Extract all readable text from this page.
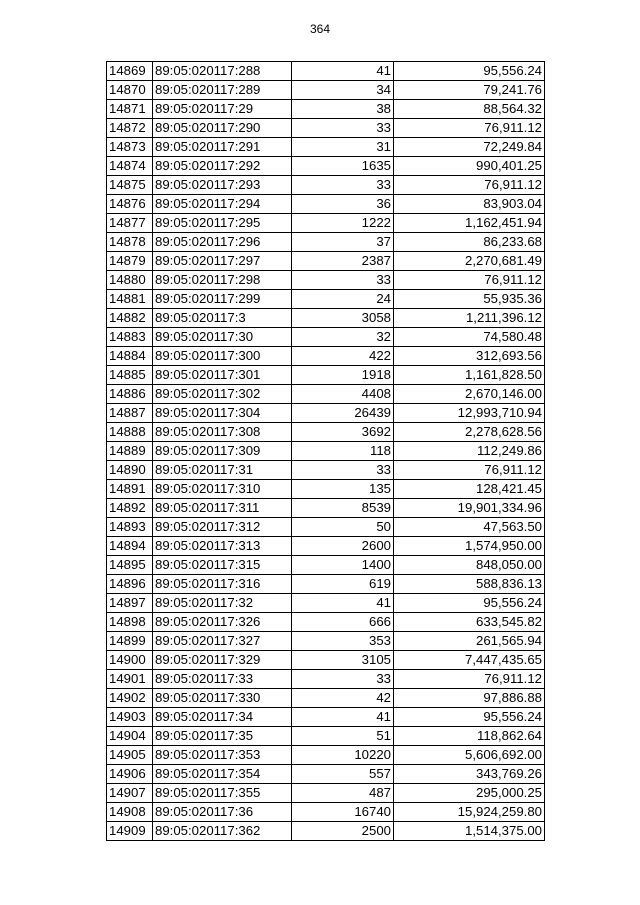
364
14869	89:05:020117:288	41	95,556.24
14870	89:05:020117:289	34	79,241.76
14871	89:05:020117:29	38	88,564.32
14872	89:05:020117:290	33	76,911.12
14873	89:05:020117:291	31	72,249.84
14874	89:05:020117:292	1635	990,401.25
14875	89:05:020117:293	33	76,911.12
14876	89:05:020117:294	36	83,903.04
14877	89:05:020117:295	1222	1,162,451.94
14878	89:05:020117:296	37	86,233.68
14879	89:05:020117:297	2387	2,270,681.49
14880	89:05:020117:298	33	76,911.12
14881	89:05:020117:299	24	55,935.36
14882	89:05:020117:3	3058	1,211,396.12
14883	89:05:020117:30	32	74,580.48
14884	89:05:020117:300	422	312,693.56
14885	89:05:020117:301	1918	1,161,828.50
14886	89:05:020117:302	4408	2,670,146.00
14887	89:05:020117:304	26439	12,993,710.94
14888	89:05:020117:308	3692	2,278,628.56
14889	89:05:020117:309	118	112,249.86
14890	89:05:020117:31	33	76,911.12
14891	89:05:020117:310	135	128,421.45
14892	89:05:020117:311	8539	19,901,334.96
14893	89:05:020117:312	50	47,563.50
14894	89:05:020117:313	2600	1,574,950.00
14895	89:05:020117:315	1400	848,050.00
14896	89:05:020117:316	619	588,836.13
14897	89:05:020117:32	41	95,556.24
14898	89:05:020117:326	666	633,545.82
14899	89:05:020117:327	353	261,565.94
14900	89:05:020117:329	3105	7,447,435.65
14901	89:05:020117:33	33	76,911.12
14902	89:05:020117:330	42	97,886.88
14903	89:05:020117:34	41	95,556.24
14904	89:05:020117:35	51	118,862.64
14905	89:05:020117:353	10220	5,606,692.00
14906	89:05:020117:354	557	343,769.26
14907	89:05:020117:355	487	295,000.25
14908	89:05:020117:36	16740	15,924,259.80
14909	89:05:020117:362	2500	1,514,375.00
